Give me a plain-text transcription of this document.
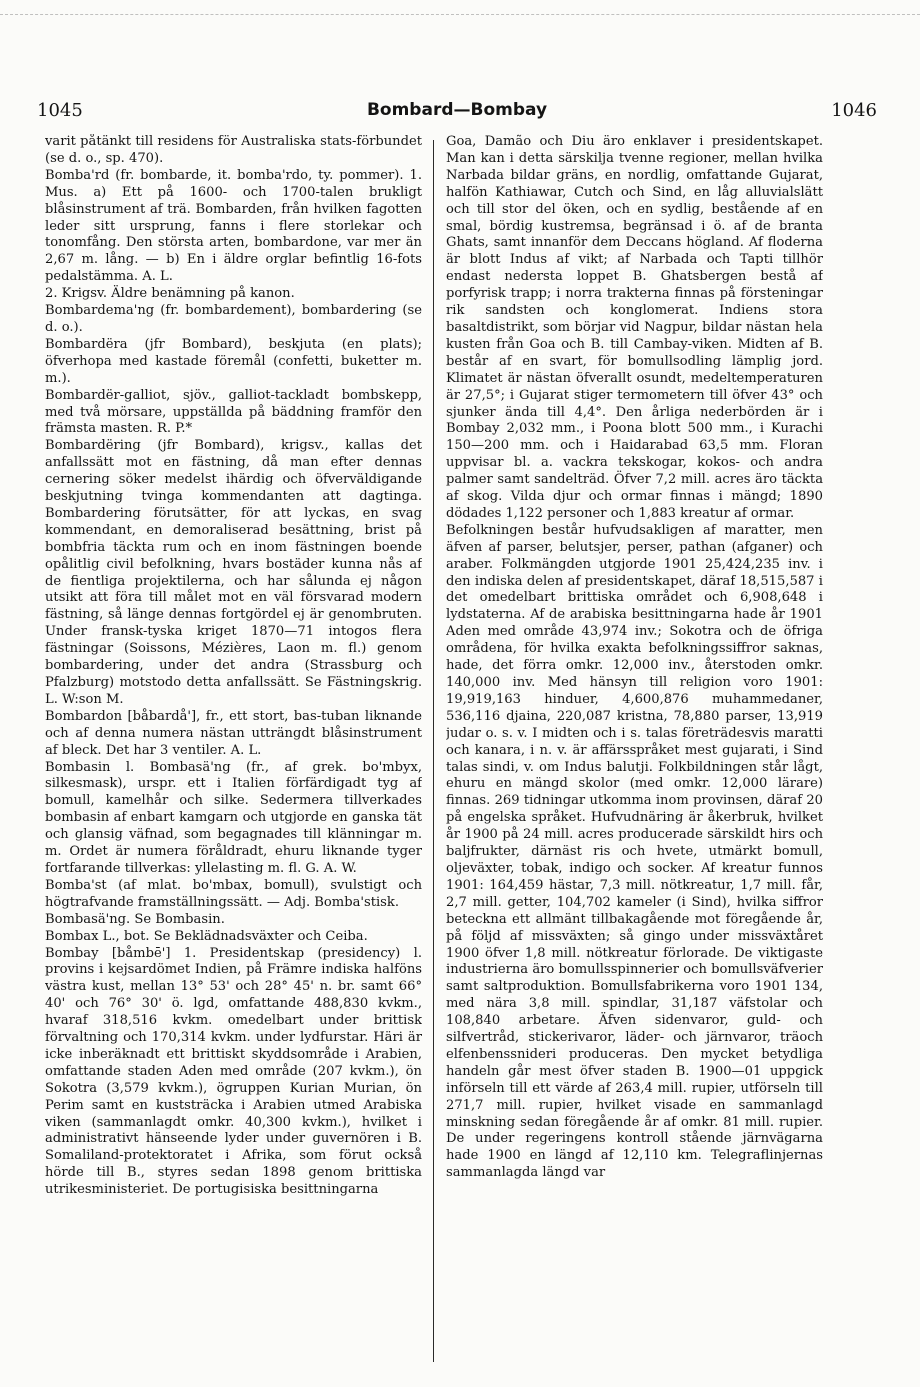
1045	Bombard—Bombay	1046

varit påtänkt till residens för Australiska stats-förbundet (se d. o., sp. 470).
Bomba'rd (fr. bombarde, it. bomba'rdo, ty. pommer). 1. Mus. a) Ett på 1600- och 1700-talen brukligt blåsinstrument af trä. Bombarden, från hvilken fagotten leder sitt ursprung, fanns i flere storlekar och tonomfång. Den största arten, bombardone, var mer än 2,67 m. lång. — b) En i äldre orglar befintlig 16-fots pedalstämma. A. L.
2. Krigsv. Äldre benämning på kanon.
Bombardema'ng (fr. bombardement), bombardering (se d. o.).
Bombardëra (jfr Bombard), beskjuta (en plats); öfverhopa med kastade föremål (confetti, buketter m. m.).
Bombardër-galliot, sjöv., galliot-tackladt bombskepp, med två mörsare, uppställda på bäddning framför den främsta masten. R. P.*
Bombardëring (jfr Bombard), krigsv., kallas det anfallssätt mot en fästning, då man efter dennas cernering söker medelst ihärdig och öfverväldigande beskjutning tvinga kommendanten att dagtinga. Bombardering förutsätter, för att lyckas, en svag kommendant, en demoraliserad besättning, brist på bombfria täckta rum och en inom fästningen boende opålitlig civil befolkning, hvars bostäder kunna nås af de fientliga projektilerna, och har sålunda ej någon utsikt att föra till målet mot en väl försvarad modern fästning, så länge dennas fortgördel ej är genombruten. Under fransk-tyska kriget 1870—71 intogos flera fästningar (Soissons, Mézières, Laon m. fl.) genom bombardering, under det andra (Strassburg och Pfalzburg) motstodo detta anfallssätt. Se Fästningskrig. L. W:son M.
Bombardon [båbardå'], fr., ett stort, bas-tuban liknande och af denna numera nästan utträngdt blåsinstrument af bleck. Det har 3 ventiler. A. L.
Bombasin l. Bombasä'ng (fr., af grek. bo'mbyx, silkesmask), urspr. ett i Italien förfärdigadt tyg af bomull, kamelhår och silke. Sedermera tillverkades bombasin af enbart kamgarn och utgjorde en ganska tät och glansig väfnad, som begagnades till klänningar m. m. Ordet är numera föråldradt, ehuru liknande tyger fortfarande tillverkas: yllelasting m. fl. G. A. W.
Bomba'st (af mlat. bo'mbax, bomull), svulstigt och högtrafvande framställningssätt. — Adj. Bomba'stisk.
Bombasä'ng. Se Bombasin.
Bombax L., bot. Se Beklädnadsväxter och Ceiba.
Bombay [båmbē'] 1. Presidentskap (presidency) l. provins i kejsardömet Indien, på Främre indiska halföns västra kust, mellan 13° 53' och 28° 45' n. br. samt 66° 40' och 76° 30' ö. lgd, omfattande 488,830 kvkm., hvaraf 318,516 kvkm. omedelbart under brittisk förvaltning och 170,314 kvkm. under lydfurstar. Häri är icke inberäknadt ett brittiskt skyddsområde i Arabien, omfattande staden Aden med område (207 kvkm.), ön Sokotra (3,579 kvkm.), ögruppen Kurian Murian, ön Perim samt en kuststräcka i Arabien utmed Arabiska viken (sammanlagdt omkr. 40,300 kvkm.), hvilket i administrativt hänseende lyder under guvernören i B. Somaliland-protektoratet i Afrika, som förut också hörde till B., styres sedan 1898 genom brittiska utrikesministeriet. De portugisiska besittningarna

Goa, Damão och Diu äro enklaver i presidentskapet. Man kan i detta särskilja tvenne regioner, mellan hvilka Narbada bildar gräns, en nordlig, omfattande Gujarat, halfön Kathiawar, Cutch och Sind, en låg alluvialslätt och till stor del öken, och en sydlig, bestående af en smal, bördig kustremsa, begränsad i ö. af de branta Ghats, samt innanför dem Deccans högland. Af floderna är blott Indus af vikt; af Narbada och Tapti tillhör endast nedersta loppet B. Ghatsbergen bestå af porfyrisk trapp; i norra trakterna finnas på försteningar rik sandsten och konglomerat. Indiens stora basaltdistrikt, som börjar vid Nagpur, bildar nästan hela kusten från Goa och B. till Cambay-viken. Midten af B. består af en svart, för bomullsodling lämplig jord. Klimatet är nästan öfverallt osundt, medeltemperaturen är 27,5°; i Gujarat stiger termometern till öfver 43° och sjunker ända till 4,4°. Den årliga nederbörden är i Bombay 2,032 mm., i Poona blott 500 mm., i Kurachi 150—200 mm. och i Haidarabad 63,5 mm. Floran uppvisar bl. a. vackra tekskogar, kokos- och andra palmer samt sandelträd. Öfver 7,2 mill. acres äro täckta af skog. Vilda djur och ormar finnas i mängd; 1890 dödades 1,122 personer och 1,883 kreatur af ormar.
Befolkningen består hufvudsakligen af maratter, men äfven af parser, belutsjer, perser, pathan (afganer) och araber. Folkmängden utgjorde 1901 25,424,235 inv. i den indiska delen af presidentskapet, däraf 18,515,587 i det omedelbart brittiska området och 6,908,648 i lydstaterna. Af de arabiska besittningarna hade år 1901 Aden med område 43,974 inv.; Sokotra och de öfriga områdena, för hvilka exakta befolkningssiffror saknas, hade, det förra omkr. 12,000 inv., återstoden omkr. 140,000 inv. Med hänsyn till religion voro 1901: 19,919,163 hinduer, 4,600,876 muhammedaner, 536,116 djaina, 220,087 kristna, 78,880 parser, 13,919 judar o. s. v. I midten och i s. talas företrädesvis maratti och kanara, i n. v. är affärsspråket mest gujarati, i Sind talas sindi, v. om Indus balutji. Folkbildningen står lågt, ehuru en mängd skolor (med omkr. 12,000 lärare) finnas. 269 tidningar utkomma inom provinsen, däraf 20 på engelska språket. Hufvudnäring är åkerbruk, hvilket år 1900 på 24 mill. acres producerade särskildt hirs och baljfrukter, därnäst ris och hvete, utmärkt bomull, oljeväxter, tobak, indigo och socker. Af kreatur funnos 1901: 164,459 hästar, 7,3 mill. nötkreatur, 1,7 mill. får, 2,7 mill. getter, 104,702 kameler (i Sind), hvilka siffror beteckna ett allmänt tillbakagående mot föregående år, på följd af missväxten; så gingo under missväxtåret 1900 öfver 1,8 mill. nötkreatur förlorade. De viktigaste industrierna äro bomullsspinnerier och bomullsväfverier samt saltproduktion. Bomullsfabrikerna voro 1901 134, med nära 3,8 mill. spindlar, 31,187 väfstolar och 108,840 arbetare. Äfven sidenvaror, guld- och silfvertråd, stickerivaror, läder- och järnvaror, träoch elfenbenssnideri produceras. Den mycket betydliga handeln går mest öfver staden B. 1900—01 uppgick införseln till ett värde af 263,4 mill. rupier, utförseln till 271,7 mill. rupier, hvilket visade en sammanlagd minskning sedan föregående år af omkr. 81 mill. rupier. De under regeringens kontroll stående järnvägarna hade 1900 en längd af 12,110 km. Telegraflinjernas sammanlagda längd var
